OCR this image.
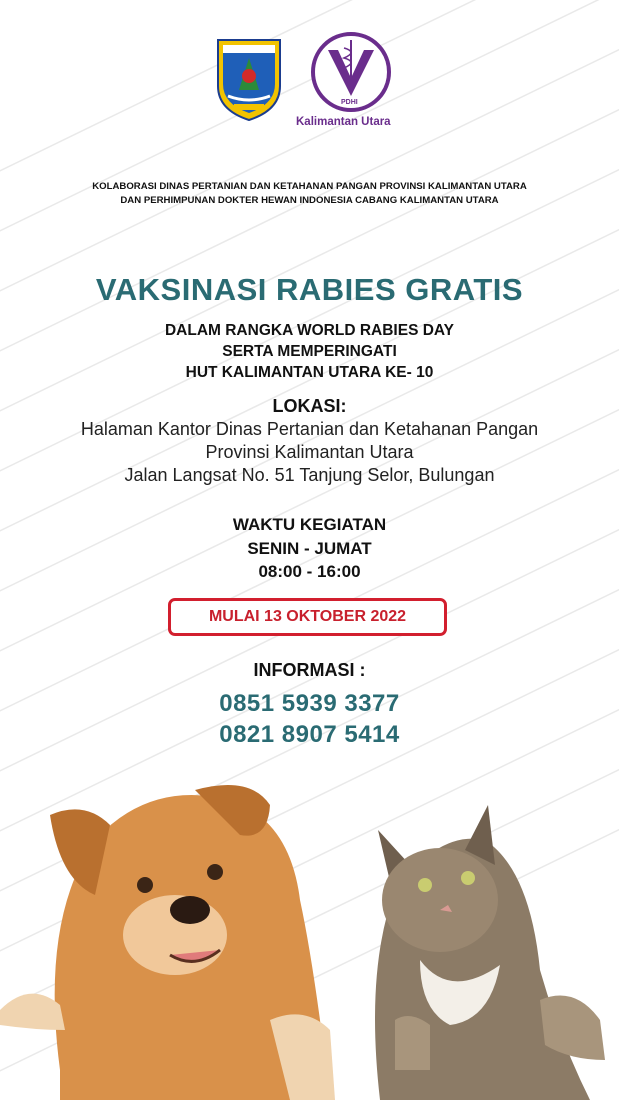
PDHI
Kalimantan Utara
KOLABORASI DINAS PERTANIAN DAN KETAHANAN PANGAN PROVINSI KALIMANTAN UTARA
DAN PERHIMPUNAN DOKTER HEWAN INDONESIA CABANG KALIMANTAN UTARA
VAKSINASI RABIES GRATIS
DALAM RANGKA WORLD RABIES DAY
SERTA MEMPERINGATI
HUT KALIMANTAN UTARA KE- 10
LOKASI:
Halaman Kantor Dinas Pertanian dan Ketahanan Pangan
Provinsi Kalimantan Utara
Jalan Langsat No. 51 Tanjung Selor, Bulungan
WAKTU KEGIATAN
SENIN - JUMAT
08:00 - 16:00
MULAI 13 OKTOBER 2022
INFORMASI :
0851 5939 3377
0821 8907 5414
